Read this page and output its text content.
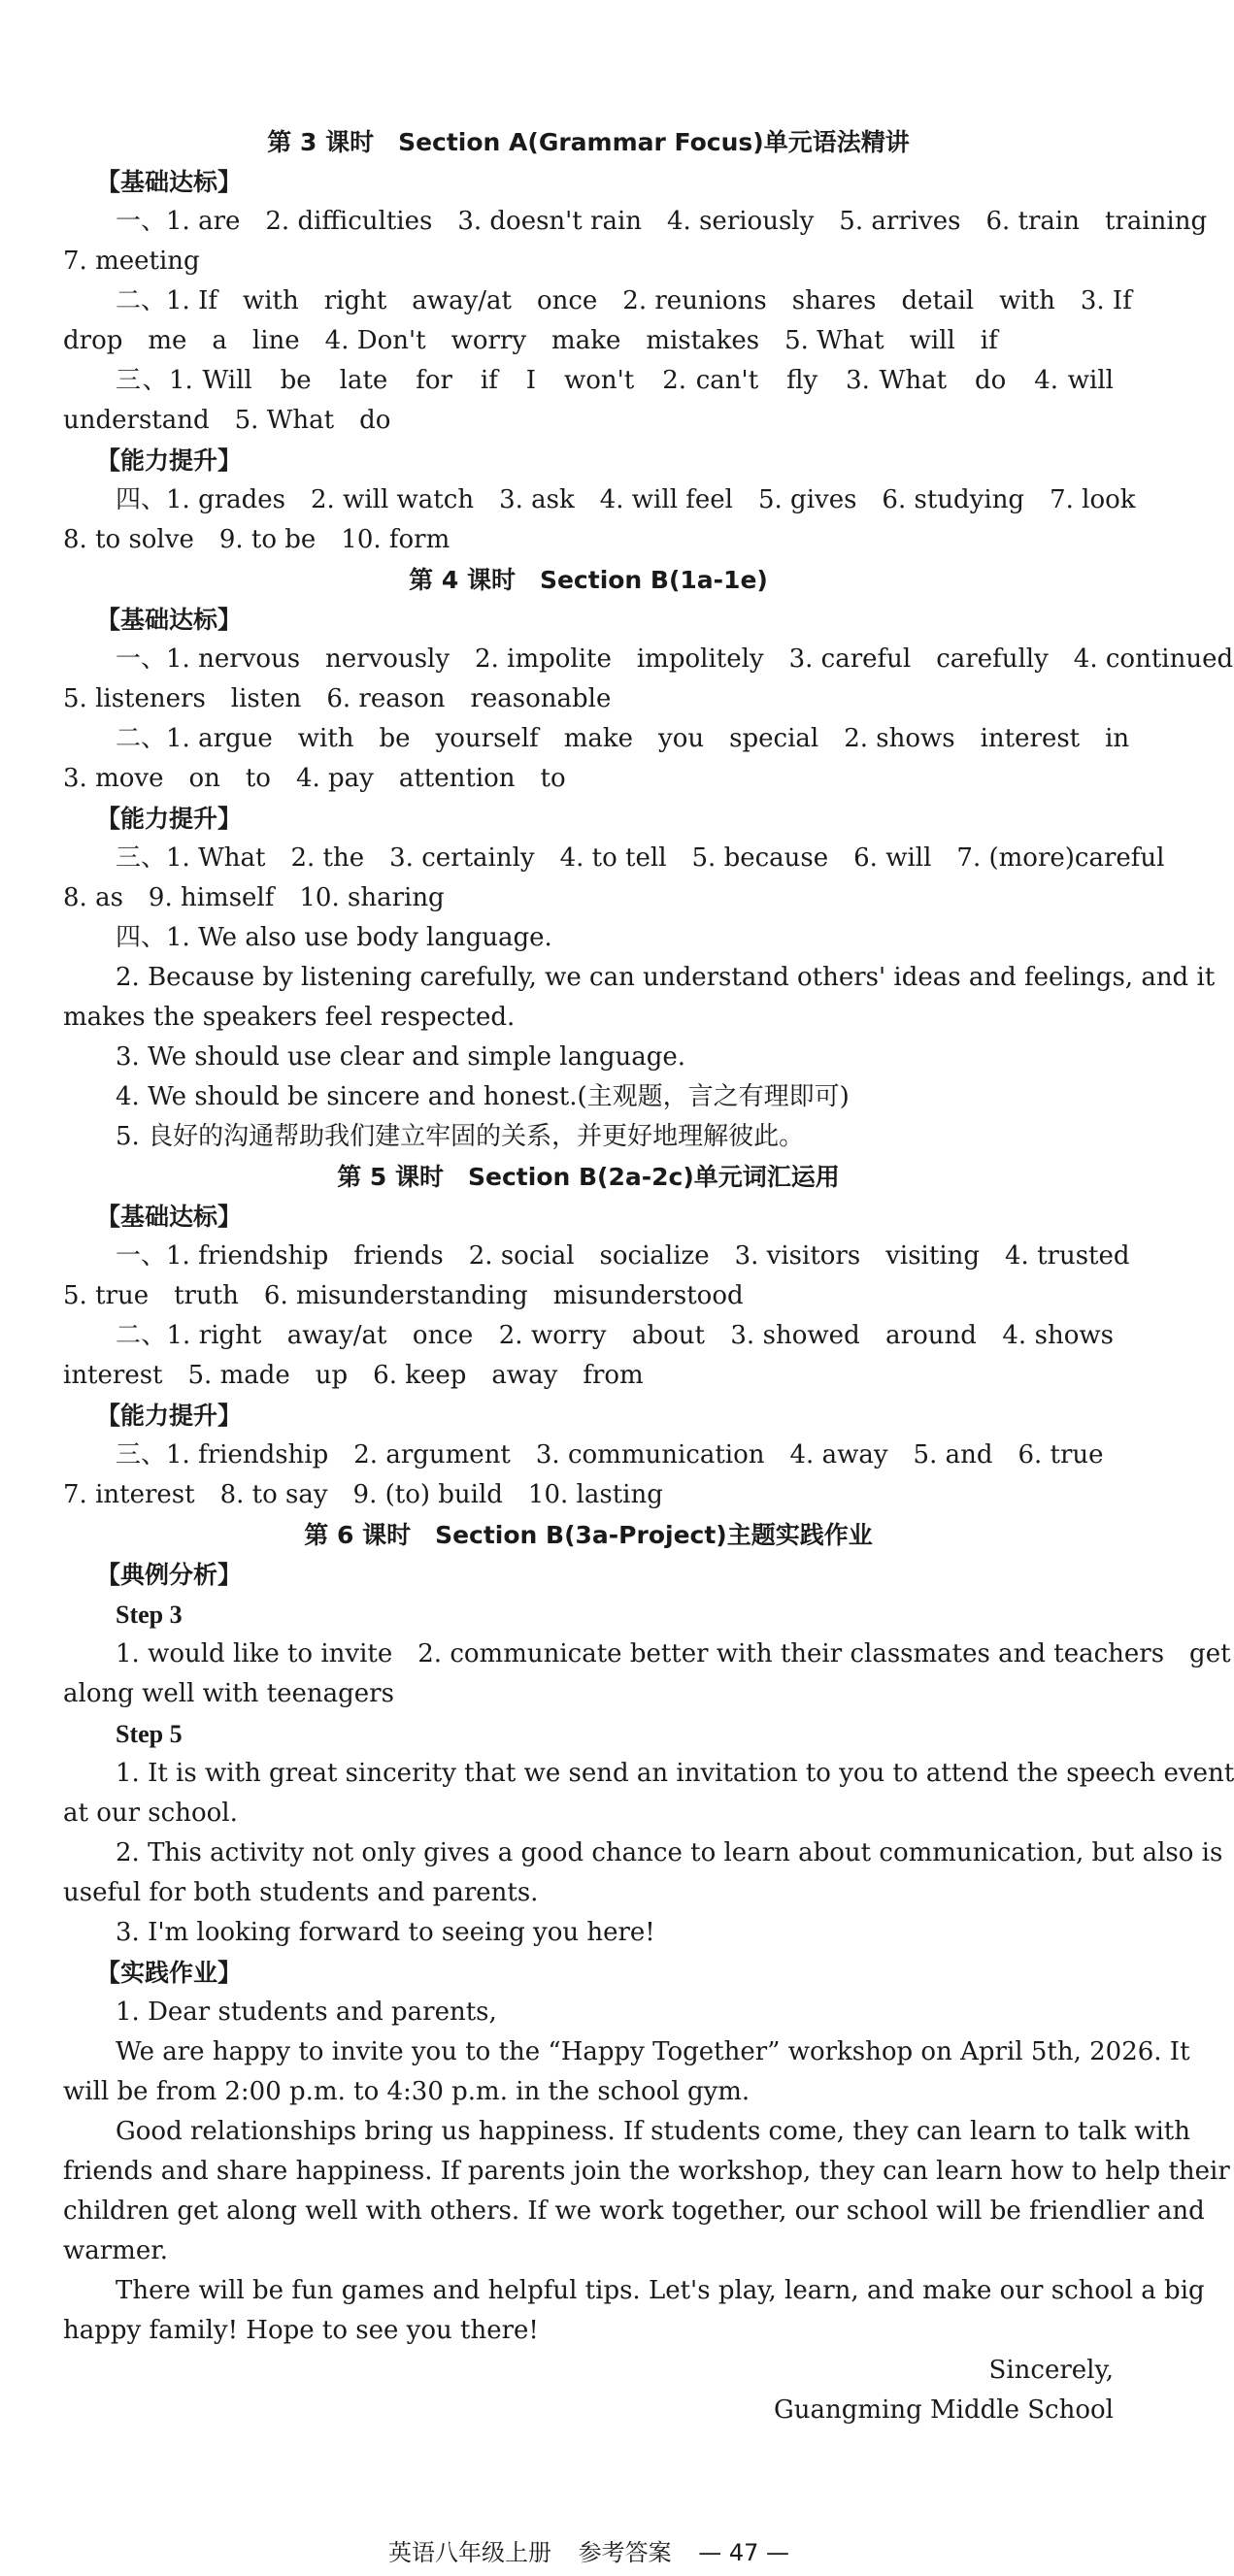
第 3 课时　Section A(Grammar Focus)单元语法精讲
【基础达标】
一、1. are　2. difficulties　3. doesn't rain　4. seriously　5. arrives　6. train　training
7. meeting
二、1. If　with　right　away/at　once　2. reunions　shares　detail　with　3. If
drop　me　a　line　4. Don't　worry　make　mistakes　5. What　will　if
三、1. Will　be　late　for　if　I　won't　2. can't　fly　3. What　do　4. will
understand　5. What　do
【能力提升】
四、1. grades　2. will watch　3. ask　4. will feel　5. gives　6. studying　7. look
8. to solve　9. to be　10. form
第 4 课时　Section B(1a-1e)
【基础达标】
一、1. nervous　nervously　2. impolite　impolitely　3. careful　carefully　4. continued
5. listeners　listen　6. reason　reasonable
二、1. argue　with　be　yourself　make　you　special　2. shows　interest　in
3. move　on　to　4. pay　attention　to
【能力提升】
三、1. What　2. the　3. certainly　4. to tell　5. because　6. will　7. (more)careful
8. as　9. himself　10. sharing
四、1. We also use body language.
2. Because by listening carefully, we can understand others' ideas and feelings, and it
makes the speakers feel respected.
3. We should use clear and simple language.
4. We should be sincere and honest.(主观题，言之有理即可)
5. 良好的沟通帮助我们建立牢固的关系，并更好地理解彼此。
第 5 课时　Section B(2a-2c)单元词汇运用
【基础达标】
一、1. friendship　friends　2. social　socialize　3. visitors　visiting　4. trusted
5. true　truth　6. misunderstanding　misunderstood
二、1. right　away/at　once　2. worry　about　3. showed　around　4. shows
interest　5. made　up　6. keep　away　from
【能力提升】
三、1. friendship　2. argument　3. communication　4. away　5. and　6. true
7. interest　8. to say　9. (to) build　10. lasting
第 6 课时　Section B(3a-Project)主题实践作业
【典例分析】
Step 3
1. would like to invite　2. communicate better with their classmates and teachers　get
along well with teenagers
Step 5
1. It is with great sincerity that we send an invitation to you to attend the speech event
at our school.
2. This activity not only gives a good chance to learn about communication, but also is
useful for both students and parents.
3. I'm looking forward to seeing you here!
【实践作业】
1. Dear students and parents,
We are happy to invite you to the “Happy Together” workshop on April 5th, 2026. It
will be from 2:00 p.m. to 4:30 p.m. in the school gym.
Good relationships bring us happiness. If students come, they can learn to talk with
friends and share happiness. If parents join the workshop, they can learn how to help their
children get along well with others. If we work together, our school will be friendlier and
warmer.
There will be fun games and helpful tips. Let's play, learn, and make our school a big
happy family! Hope to see you there!
Sincerely,
Guangming Middle School
英语八年级上册 参考答案 — 47 —
